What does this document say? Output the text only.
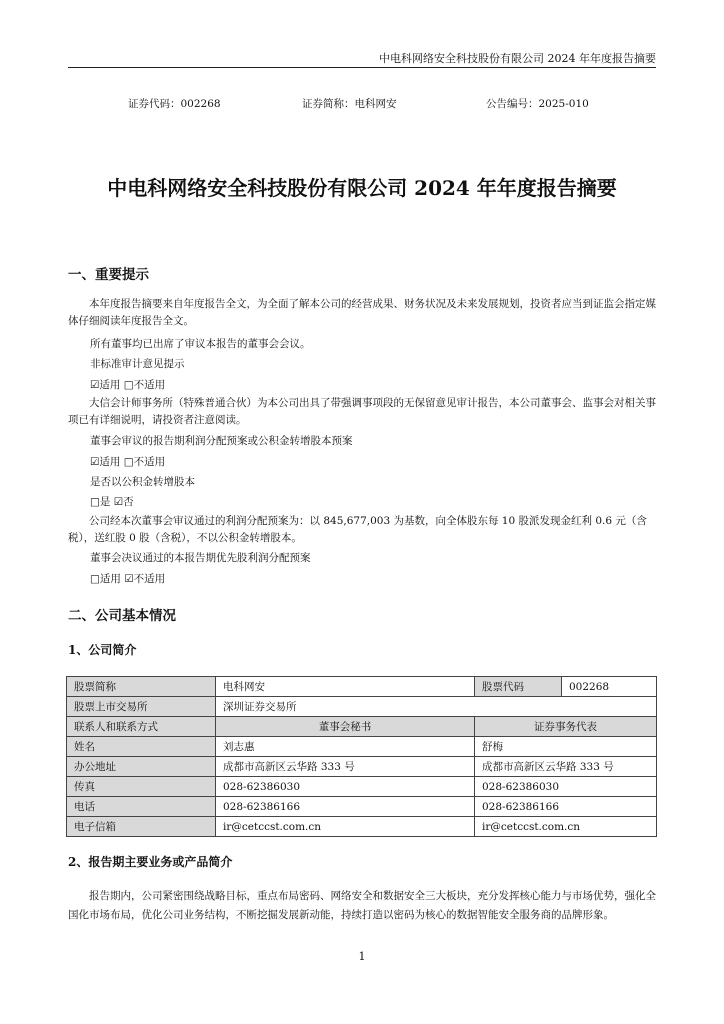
中电科网络安全科技股份有限公司 2024 年年度报告摘要
证券代码：002268	证券简称：电科网安	公告编号：2025-010
中电科网络安全科技股份有限公司 2024 年年度报告摘要
一、重要提示
本年度报告摘要来自年度报告全文，为全面了解本公司的经营成果、财务状况及未来发展规划，投资者应当到证监会指定媒体仔细阅读年度报告全文。
所有董事均已出席了审议本报告的董事会会议。
非标准审计意见提示
☑适用 □不适用
大信会计师事务所（特殊普通合伙）为本公司出具了带强调事项段的无保留意见审计报告，本公司董事会、监事会对相关事项已有详细说明，请投资者注意阅读。
董事会审议的报告期利润分配预案或公积金转增股本预案
☑适用 □不适用
是否以公积金转增股本
□是 ☑否
公司经本次董事会审议通过的利润分配预案为：以 845,677,003 为基数，向全体股东每 10 股派发现金红利 0.6 元（含税），送红股 0 股（含税），不以公积金转增股本。
董事会决议通过的本报告期优先股利润分配预案
□适用 ☑不适用
二、公司基本情况
1、公司简介
股票简称	电科网安	股票代码	002268
股票上市交易所	深圳证券交易所		
联系人和联系方式	董事会秘书	证券事务代表	
姓名	刘志惠	舒梅	
办公地址	成都市高新区云华路 333 号	成都市高新区云华路 333 号	
传真	028-62386030	028-62386030	
电话	028-62386166	028-62386166	
电子信箱	ir@cetccst.com.cn	ir@cetccst.com.cn	
2、报告期主要业务或产品简介
报告期内，公司紧密围绕战略目标，重点布局密码、网络安全和数据安全三大板块，充分发挥核心能力与市场优势，强化全国化市场布局，优化公司业务结构，不断挖掘发展新动能，持续打造以密码为核心的数据智能安全服务商的品牌形象。
1
